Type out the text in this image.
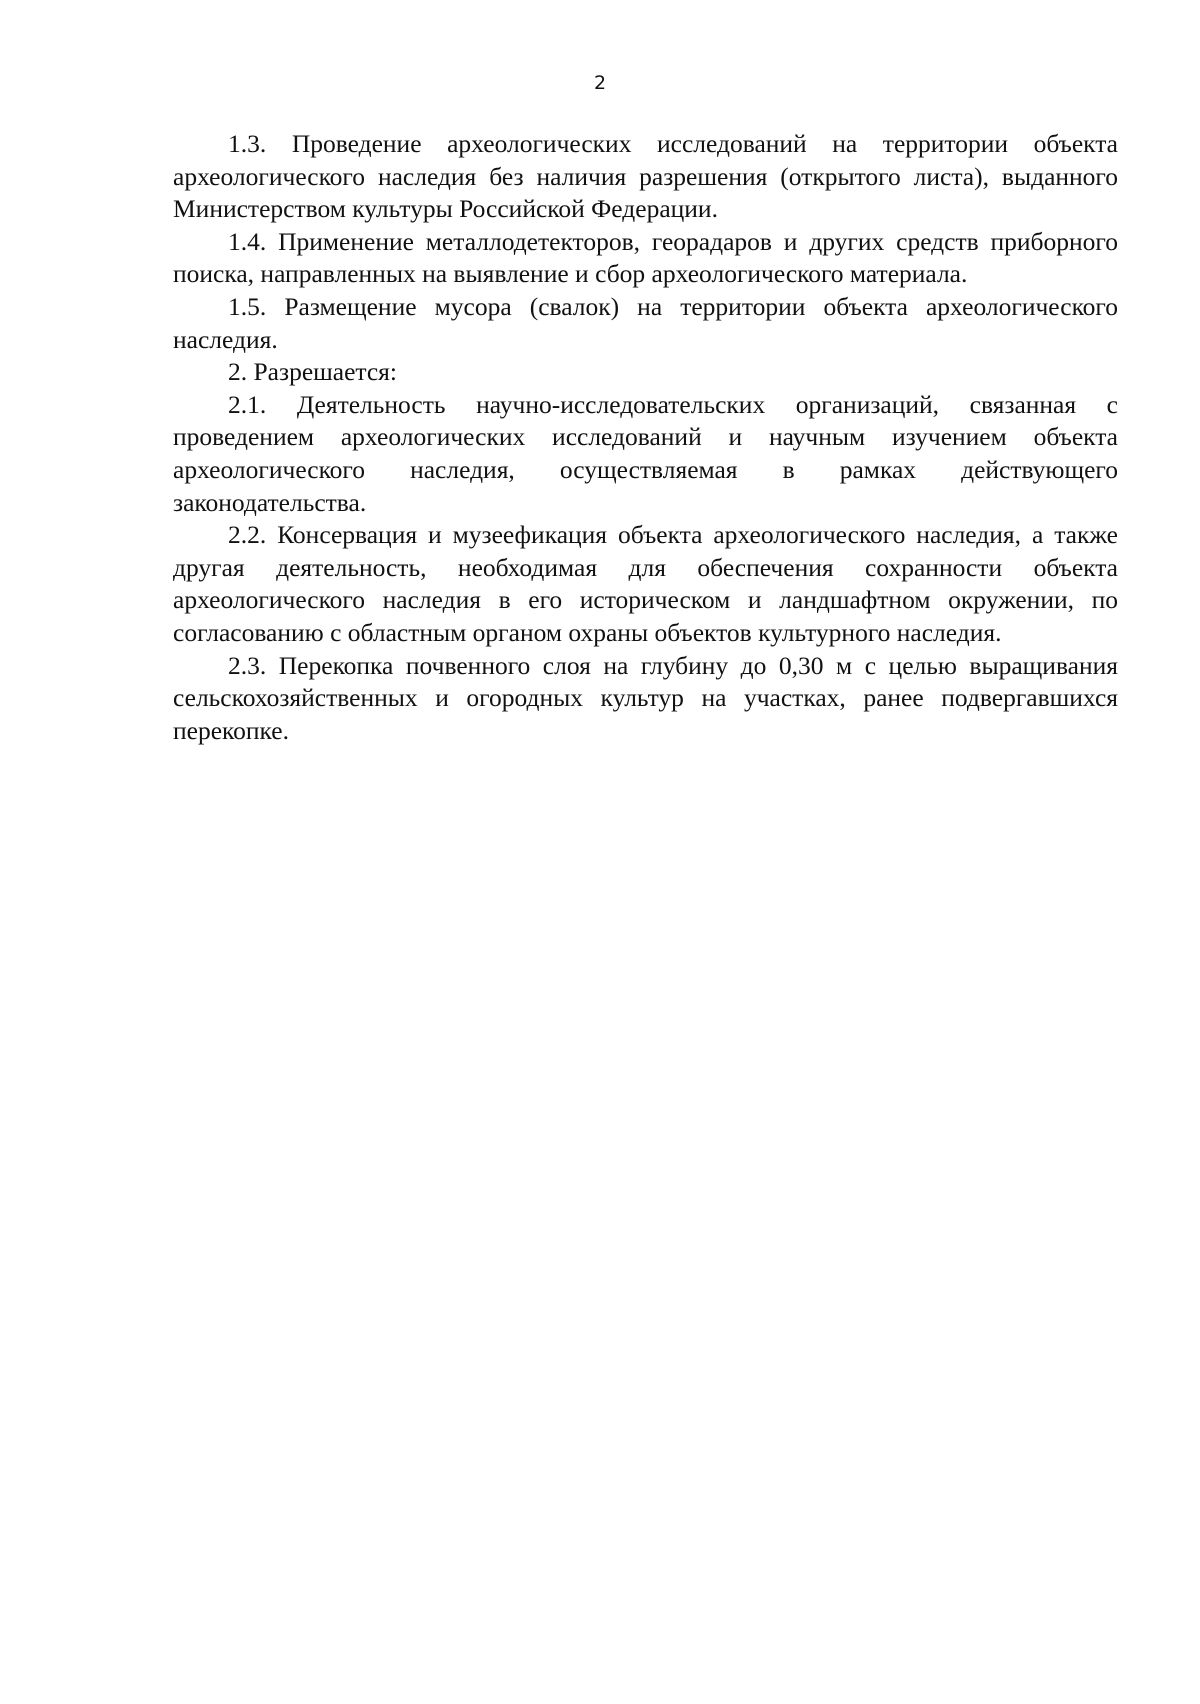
2

1.3. Проведение археологических исследований на территории объекта археологического наследия без наличия разрешения (открытого листа), выданного Министерством культуры Российской Федерации.

1.4. Применение металлодетекторов, георадаров и других средств приборного поиска, направленных на выявление и сбор археологического материала.

1.5. Размещение мусора (свалок) на территории объекта археологического наследия.

2. Разрешается:

2.1. Деятельность научно-исследовательских организаций, связанная с проведением археологических исследований и научным изучением объекта археологического наследия, осуществляемая в рамках действующего законодательства.

2.2. Консервация и музеефикация объекта археологического наследия, а также другая деятельность, необходимая для обеспечения сохранности объекта археологического наследия в его историческом и ландшафтном окружении, по согласованию с областным органом охраны объектов культурного наследия.

2.3. Перекопка почвенного слоя на глубину до 0,30 м с целью выращивания сельскохозяйственных и огородных культур на участках, ранее подвергавшихся перекопке.
